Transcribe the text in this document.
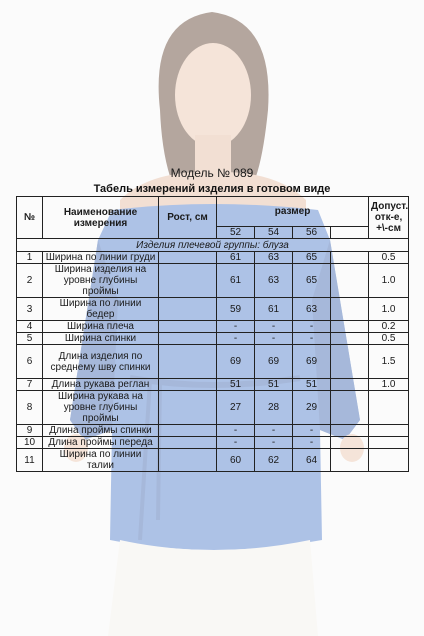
Модель № 089
Табель измерений изделия в готовом виде
№	Наименование измерения	Рост, см	размер				Допуст. отк-е, +\-см
			52	54	56		
Изделия плечевой группы: блуза							
1	Ширина по линии груди		61	63	65		0.5
2	Ширина изделия на уровне глубины проймы		61	63	65		1.0
3	Ширина по линии бедер		59	61	63		1.0
4	Ширина плеча		-	-	-		0.2
5	Ширина спинки		-	-	-		0.5
6	Длина изделия по среднему шву спинки		69	69	69		1.5
7	Длина рукава реглан		51	51	51		1.0
8	Ширина рукава на уровне глубины проймы		27	28	29		
9	Длина проймы спинки		-	-	-		
10	Длина проймы переда		-	-	-		
11	Ширина по линии талии		60	62	64		
